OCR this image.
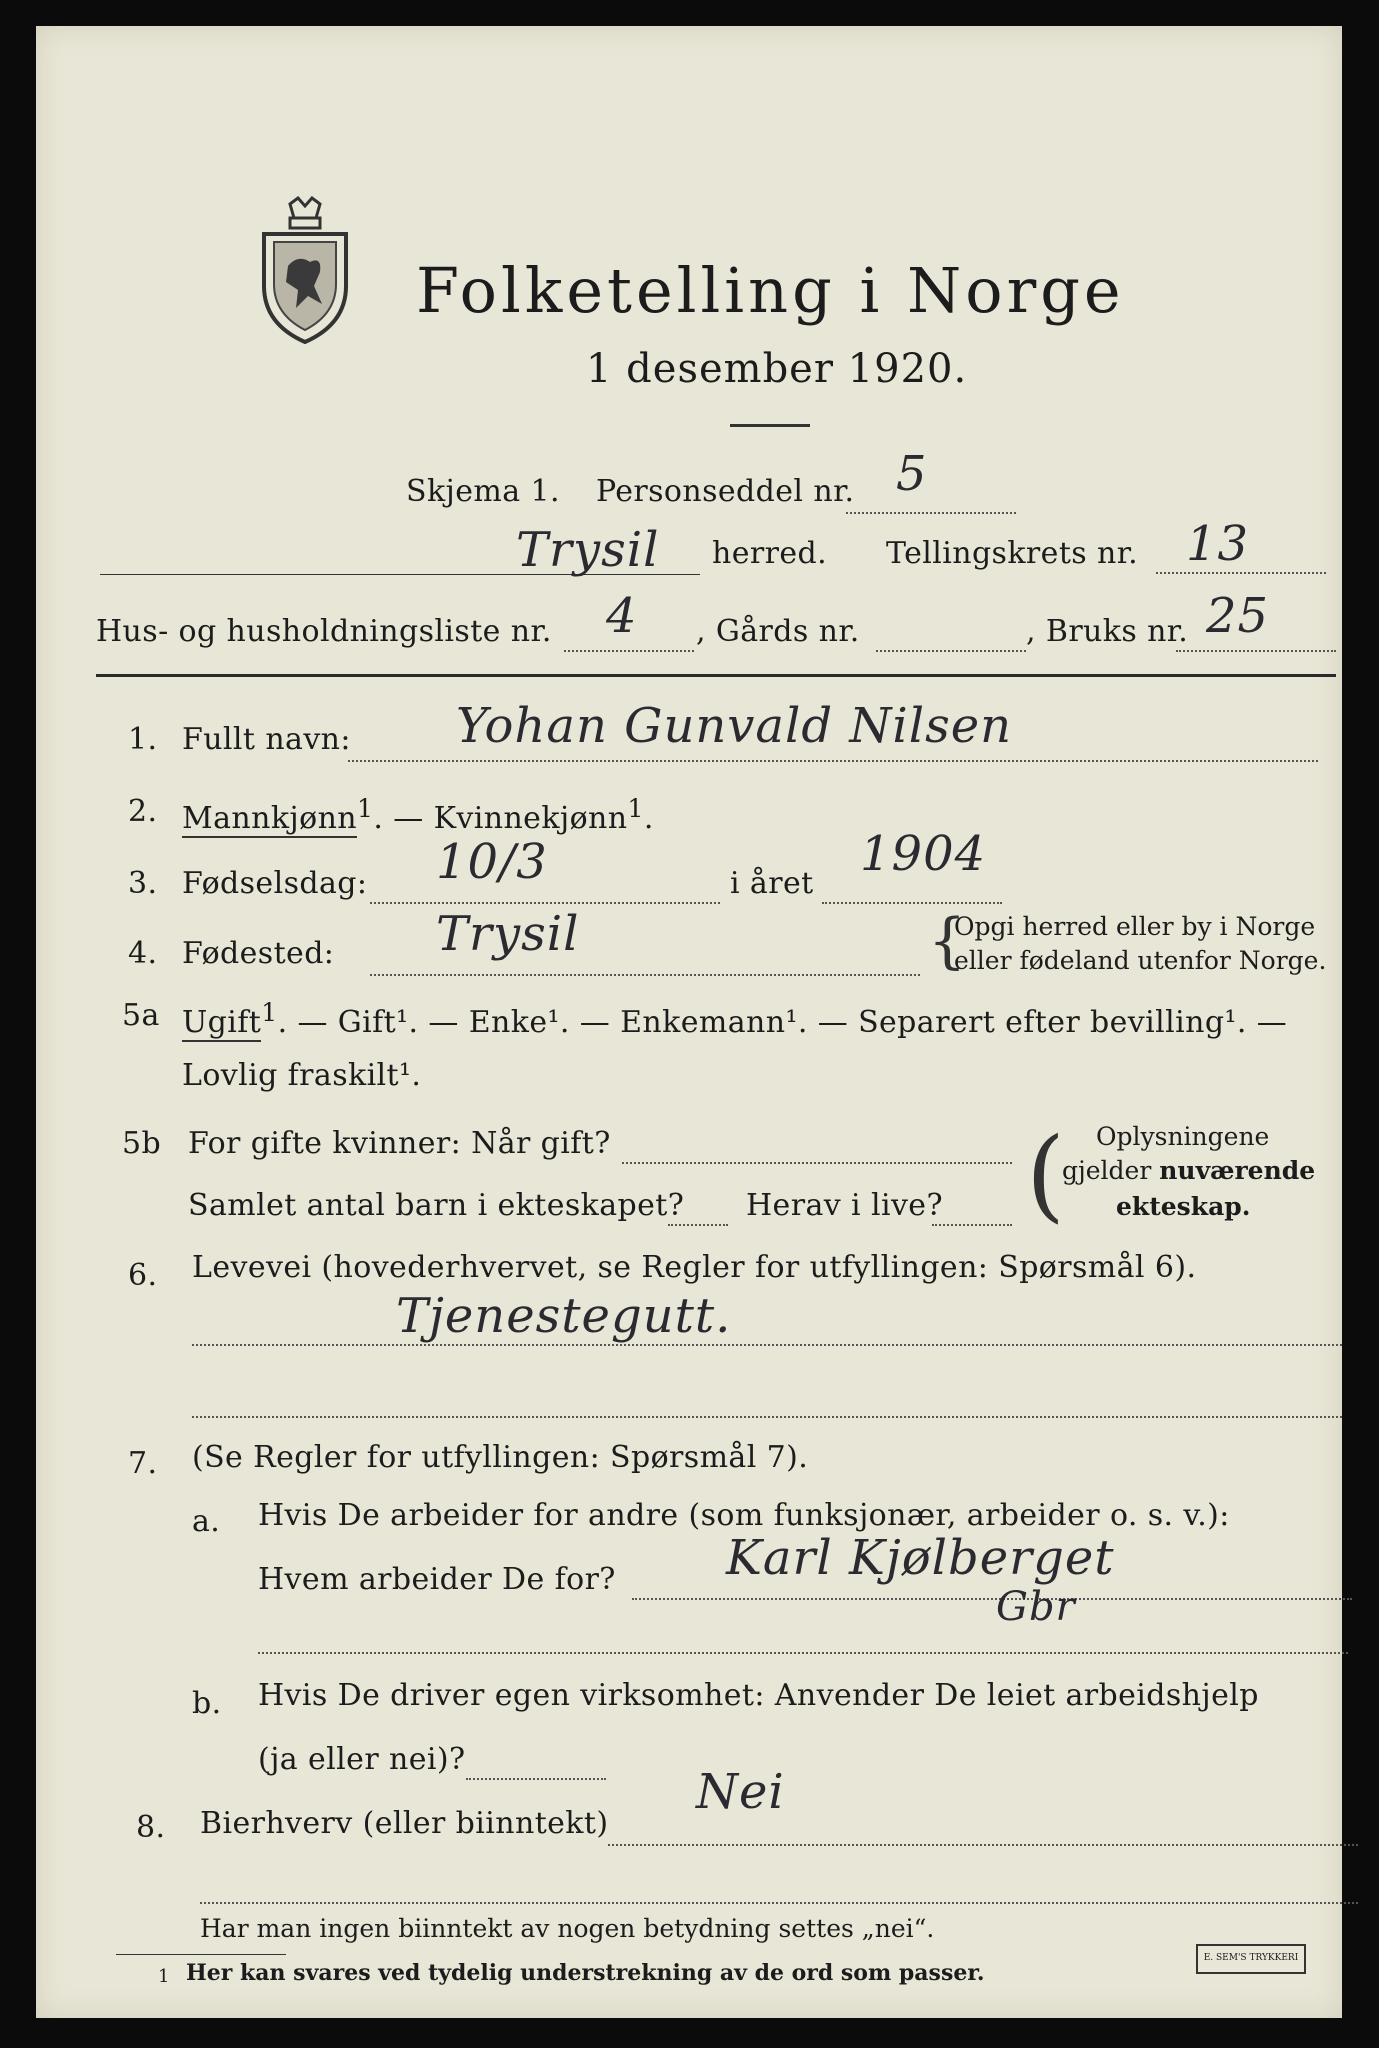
Folketelling i Norge
1 desember 1920.
Skjema 1. Personseddel nr. 5
Trysil herred. Tellingskrets nr. 13
Hus- og husholdningsliste nr. 4 , Gårds nr.	, Bruks nr. 25
1. Fullt navn: Yohan Gunvald Nilsen
2. Mannkjønn$^1$. — Kvinnekjønn$^1$.
3. Fødselsdag: 10/3	i året
1904
4. Fødested: Trysil	{
Opgi herred eller by i Norge
eller fødeland utenfor Norge.
5a Ugift$^1$. — Gift¹. — Enke¹. — Enkemann¹. — Separert efter bevilling¹. —
Lovlig fraskilt¹.
5b For gifte kvinner: Når gift?
Samlet antal barn i ekteskapet? Herav i live? ( Oplysningene
gjelder nuværende
ekteskap.
6. Levevei (hovederhvervet, se Regler for utfyllingen: Spørsmål 6).
Tjenestegutt.
7. (Se Regler for utfyllingen: Spørsmål 7).
a. Hvis De arbeider for andre (som funksjonær, arbeider o. s. v.):
Hvem arbeider De for? Karl Kjølberget
Gbr
b. Hvis De driver egen virksomhet: Anvender De leiet arbeidshjelp
(ja eller nei)?
8. Bierhverv (eller biinntekt)
Nei
Har man ingen biinntekt av nogen betydning settes „nei“.
1 Her kan svares ved tydelig understrekning av de ord som passer.
E. SEM'S TRYKKERI
